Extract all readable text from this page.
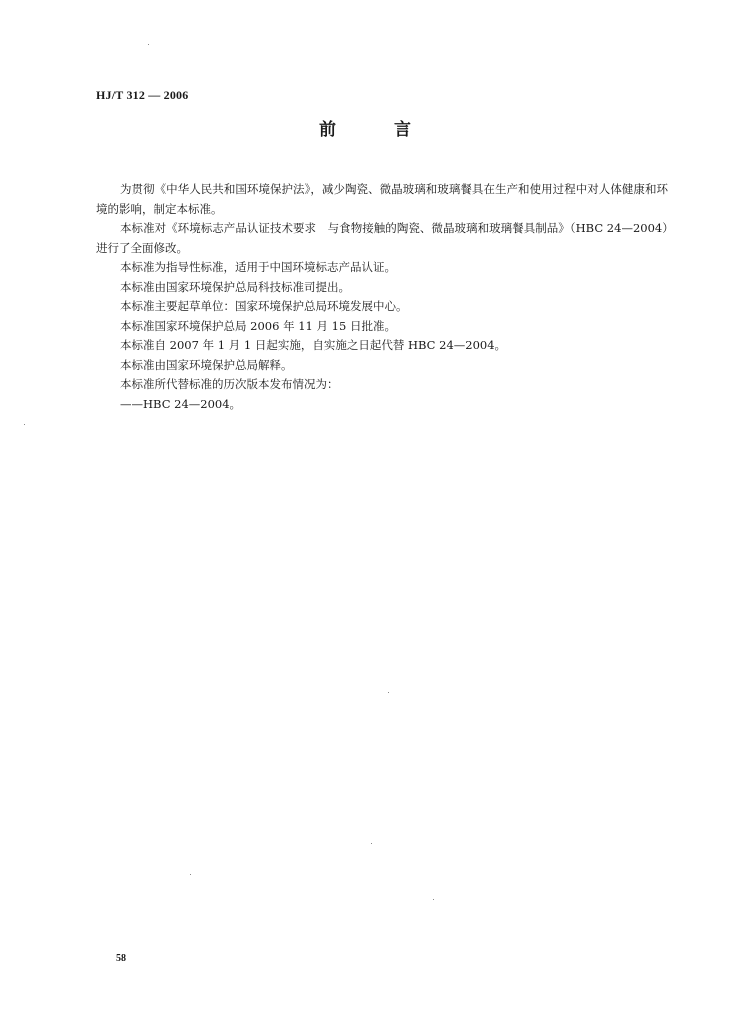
HJ/T 312 — 2006
前 言

为贯彻《中华人民共和国环境保护法》，减少陶瓷、微晶玻璃和玻璃餐具在生产和使用过程中对人体健康和环境的影响，制定本标准。

本标准对《环境标志产品认证技术要求　与食物接触的陶瓷、微晶玻璃和玻璃餐具制品》（HBC 24—2004）进行了全面修改。

本标准为指导性标准，适用于中国环境标志产品认证。

本标准由国家环境保护总局科技标准司提出。

本标准主要起草单位：国家环境保护总局环境发展中心。

本标准国家环境保护总局 2006 年 11 月 15 日批准。

本标准自 2007 年 1 月 1 日起实施，自实施之日起代替 HBC 24—2004。

本标准由国家环境保护总局解释。

本标准所代替标准的历次版本发布情况为：

——HBC 24—2004。

58
